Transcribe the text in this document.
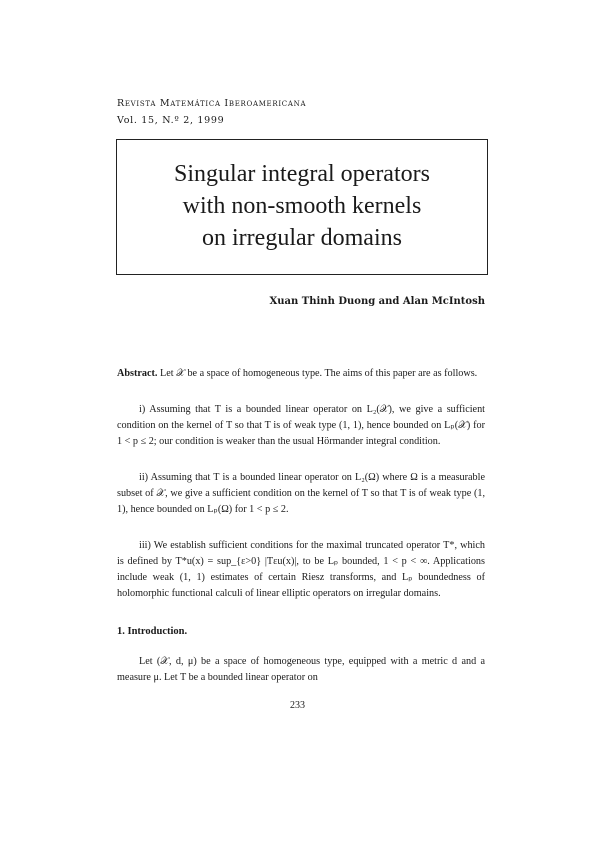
Revista Matemática Iberoamericana
Vol. 15, N.º 2, 1999
Singular integral operators
with non-smooth kernels
on irregular domains
Xuan Thinh Duong and Alan McIntosh
Abstract. Let 𝒳 be a space of homogeneous type. The aims of this paper are as follows.
i) Assuming that T is a bounded linear operator on L₂(𝒳), we give a sufficient condition on the kernel of T so that T is of weak type (1, 1), hence bounded on Lₚ(𝒳) for 1 < p ≤ 2; our condition is weaker than the usual Hörmander integral condition.
ii) Assuming that T is a bounded linear operator on L₂(Ω) where Ω is a measurable subset of 𝒳, we give a sufficient condition on the kernel of T so that T is of weak type (1, 1), hence bounded on Lₚ(Ω) for 1 < p ≤ 2.
iii) We establish sufficient conditions for the maximal truncated operator T*, which is defined by T*u(x) = sup_{ε>0} |Tεu(x)|, to be Lₚ bounded, 1 < p < ∞. Applications include weak (1, 1) estimates of certain Riesz transforms, and Lₚ boundedness of holomorphic functional calculi of linear elliptic operators on irregular domains.
1. Introduction.
Let (𝒳, d, μ) be a space of homogeneous type, equipped with a metric d and a measure μ. Let T be a bounded linear operator on
233
